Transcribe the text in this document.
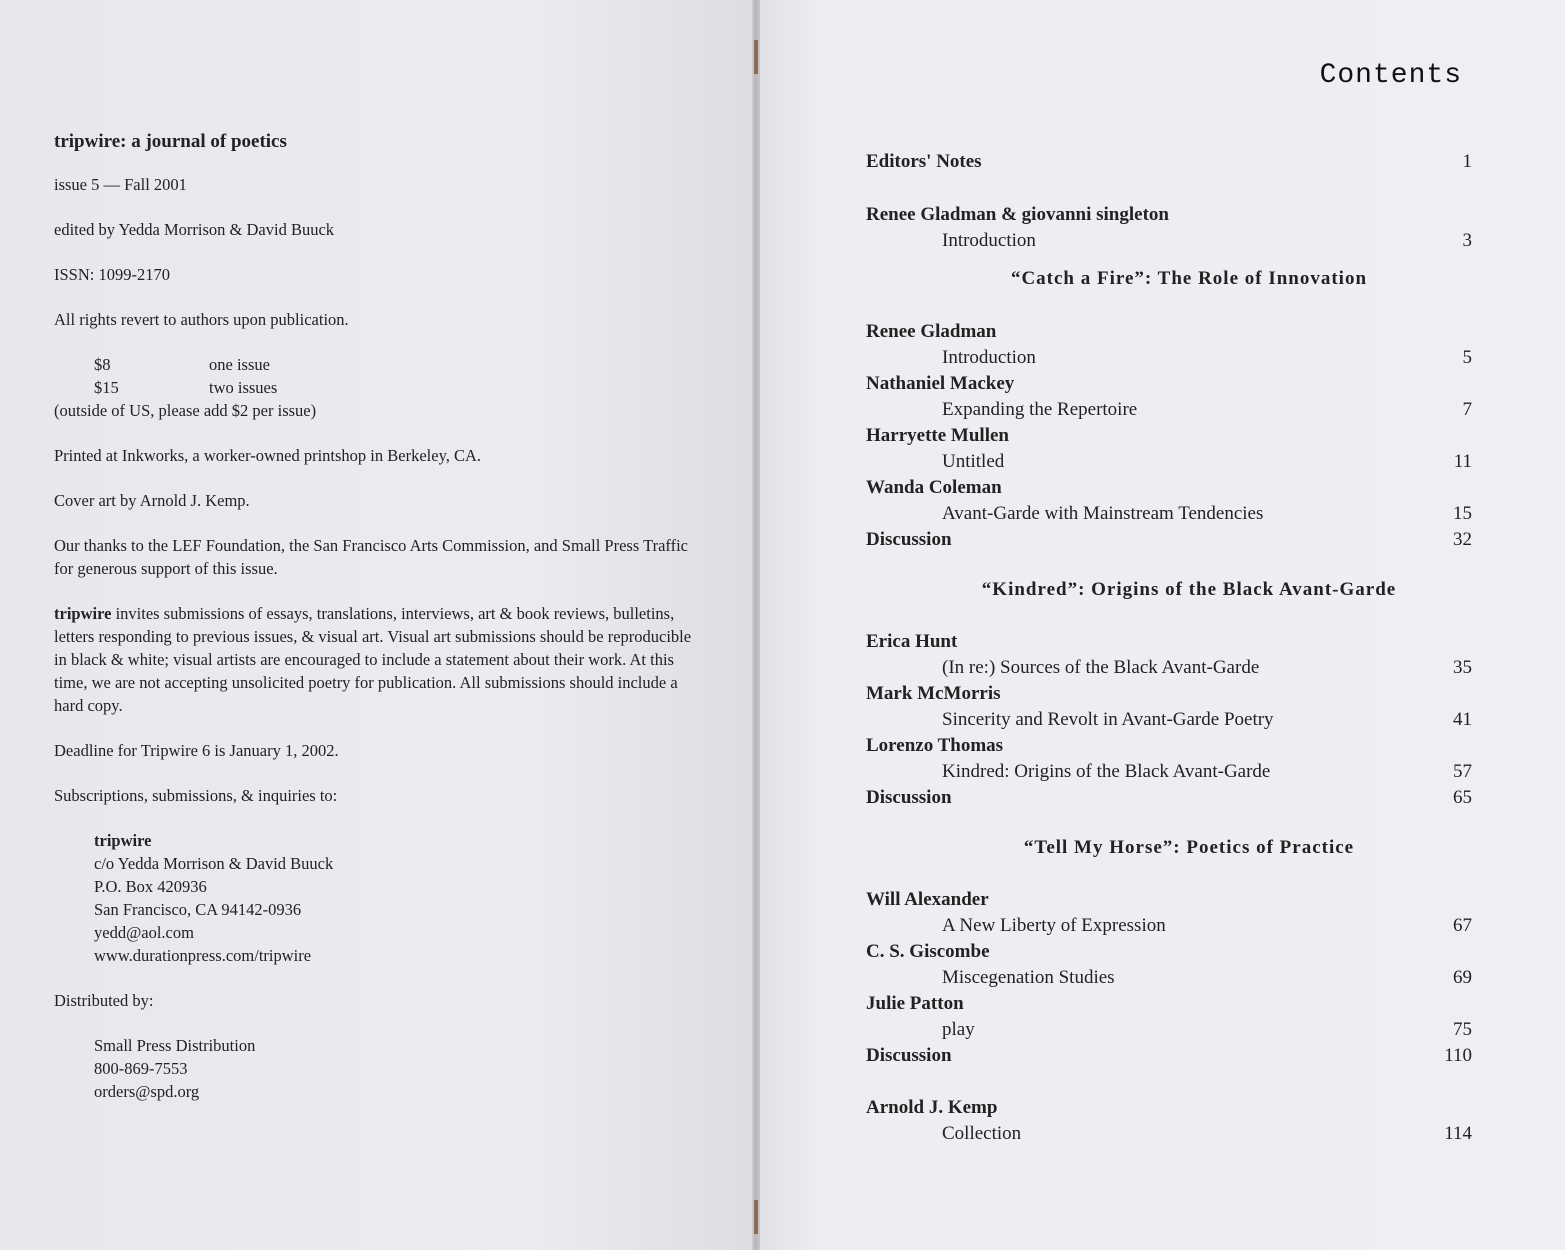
tripwire: a journal of poetics

issue 5 — Fall 2001

edited by Yedda Morrison & David Buuck

ISSN: 1099-2170

All rights revert to authors upon publication.

$8	one issue
$15	two issues
(outside of US, please add $2 per issue)

Printed at Inkworks, a worker-owned printshop in Berkeley, CA.

Cover art by Arnold J. Kemp.

Our thanks to the LEF Foundation, the San Francisco Arts Commission, and Small Press Traffic for generous support of this issue.

tripwire invites submissions of essays, translations, interviews, art & book reviews, bulletins, letters responding to previous issues, & visual art. Visual art submissions should be reproducible in black & white; visual artists are encouraged to include a statement about their work. At this time, we are not accepting unsolicited poetry for publication. All submissions should include a hard copy.

Deadline for Tripwire 6 is January 1, 2002.

Subscriptions, submissions, & inquiries to:

tripwire
c/o Yedda Morrison & David Buuck
P.O. Box 420936
San Francisco, CA 94142-0936
yedd@aol.com
www.durationpress.com/tripwire

Distributed by:

Small Press Distribution
800-869-7553
orders@spd.org
Contents
Editors' Notes	1
Renee Gladman & giovanni singleton
Introduction	3
“Catch a Fire”: The Role of Innovation
Renee Gladman
Introduction	5
Nathaniel Mackey
Expanding the Repertoire	7
Harryette Mullen
Untitled	11
Wanda Coleman
Avant-Garde with Mainstream Tendencies	15
Discussion	32
“Kindred”: Origins of the Black Avant-Garde
Erica Hunt
(In re:) Sources of the Black Avant-Garde	35
Mark McMorris
Sincerity and Revolt in Avant-Garde Poetry	41
Lorenzo Thomas
Kindred: Origins of the Black Avant-Garde	57
Discussion	65
“Tell My Horse”: Poetics of Practice
Will Alexander
A New Liberty of Expression	67
C. S. Giscombe
Miscegenation Studies	69
Julie Patton
play	75
Discussion	110
Arnold J. Kemp
Collection	114
